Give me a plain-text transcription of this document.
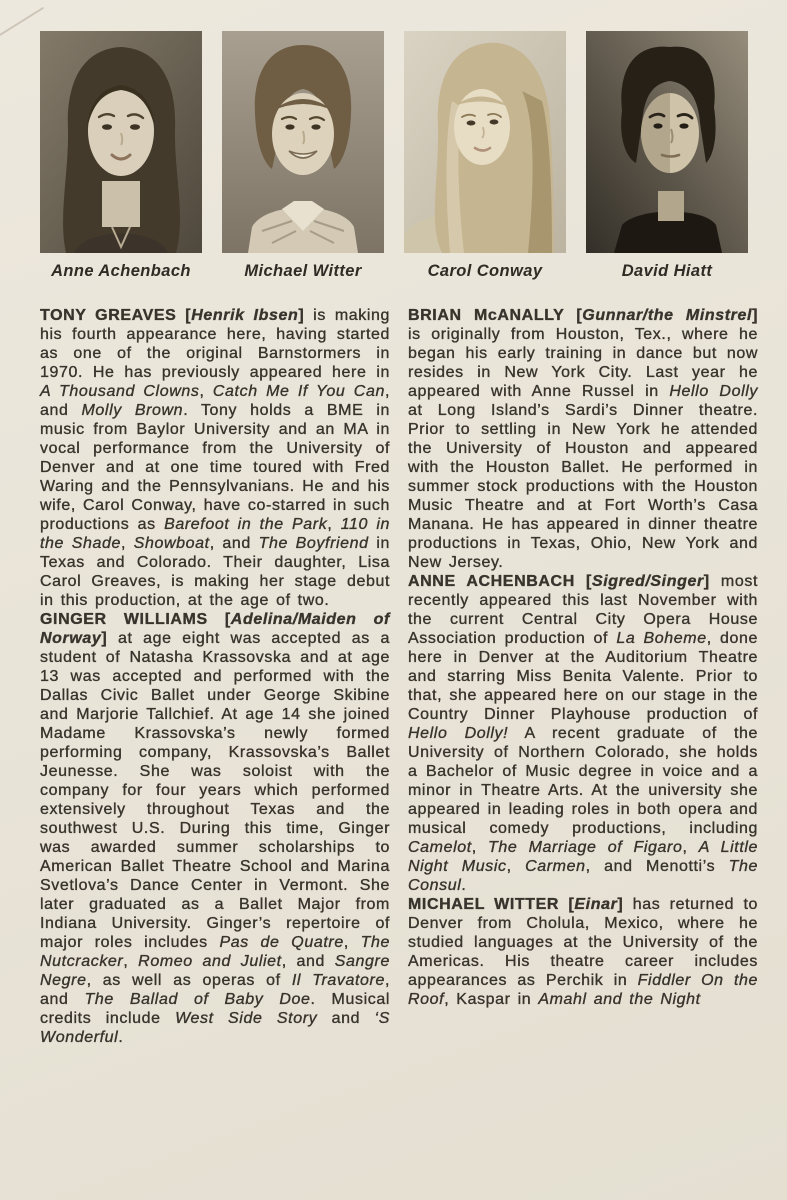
Anne Achenbach	Michael Witter	Carol Conway	David Hiatt

TONY GREAVES [Henrik Ibsen] is making his fourth appearance here, having started as one of the original Barnstormers in 1970. He has previously appeared here in A Thousand Clowns, Catch Me If You Can, and Molly Brown. Tony holds a BME in music from Baylor University and an MA in vocal performance from the University of Denver and at one time toured with Fred Waring and the Pennsylvanians. He and his wife, Carol Conway, have co-starred in such productions as Barefoot in the Park, 110 in the Shade, Showboat, and The Boyfriend in Texas and Colorado. Their daughter, Lisa Carol Greaves, is making her stage debut in this production, at the age of two.

GINGER WILLIAMS [Adelina/Maiden of Norway] at age eight was accepted as a student of Natasha Krassovska and at age 13 was accepted and performed with the Dallas Civic Ballet under George Skibine and Marjorie Tallchief. At age 14 she joined Madame Krassovska’s newly formed performing company, Krassovska’s Ballet Jeunesse. She was soloist with the company for four years which performed extensively throughout Texas and the southwest U.S. During this time, Ginger was awarded summer scholarships to American Ballet Theatre School and Marina Svetlova’s Dance Center in Vermont. She later graduated as a Ballet Major from Indiana University. Ginger’s repertoire of major roles includes Pas de Quatre, The Nutcracker, Romeo and Juliet, and Sangre Negre, as well as operas of Il Travatore, and The Ballad of Baby Doe. Musical credits include West Side Story and ‘S Wonderful.

BRIAN McANALLY [Gunnar/the Minstrel] is originally from Houston, Tex., where he began his early training in dance but now resides in New York City. Last year he appeared with Anne Russel in Hello Dolly at Long Island’s Sardi’s Dinner theatre. Prior to settling in New York he attended the University of Houston and appeared with the Houston Ballet. He performed in summer stock productions with the Houston Music Theatre and at Fort Worth’s Casa Manana. He has appeared in dinner theatre productions in Texas, Ohio, New York and New Jersey.

ANNE ACHENBACH [Sigred/Singer] most recently appeared this last November with the current Central City Opera House Association production of La Boheme, done here in Denver at the Auditorium Theatre and starring Miss Benita Valente. Prior to that, she appeared here on our stage in the Country Dinner Playhouse production of Hello Dolly! A recent graduate of the University of Northern Colorado, she holds a Bachelor of Music degree in voice and a minor in Theatre Arts. At the university she appeared in leading roles in both opera and musical comedy productions, including Camelot, The Marriage of Figaro, A Little Night Music, Carmen, and Menotti’s The Consul.

MICHAEL WITTER [Einar] has returned to Denver from Cholula, Mexico, where he studied languages at the University of the Americas. His theatre career includes appearances as Perchik in Fiddler On the Roof, Kaspar in Amahl and the Night
